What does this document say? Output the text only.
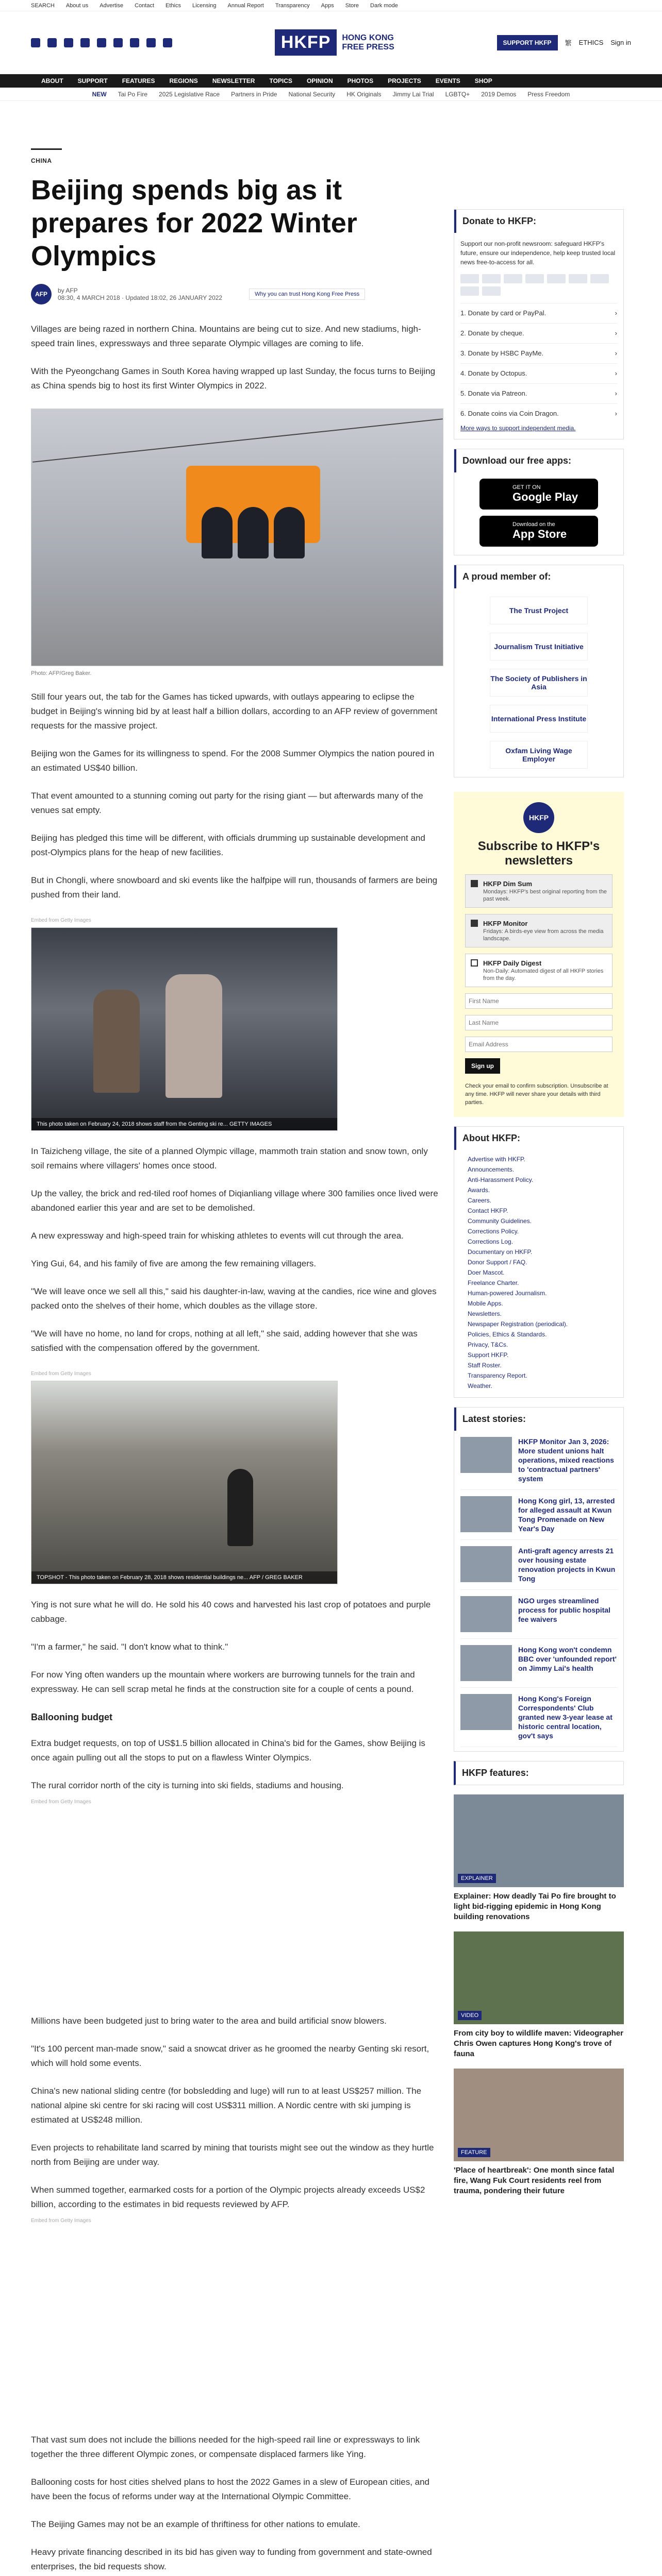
SEARCH About us Advertise Contact Ethics Licensing Annual Report Transparency Apps Store Dark mode
HKFP	HONG KONG
FREE PRESS	SUPPORT HKFP	繁 ETHICS Sign in
ABOUT SUPPORT FEATURES REGIONS NEWSLETTER TOPICS OPINION PHOTOS PROJECTS EVENTS SHOP
NEW Tai Po Fire 2025 Legislative Race Partners in Pride National Security HK Originals Jimmy Lai Trial LGBTQ+ 2019 Demos Press Freedom
CHINA
Beijing spends big as it prepares for 2022 Winter Olympics
AFP	by AFP
08:30, 4 MARCH 2018 · Updated 18:02, 26 JANUARY 2022	Why you can trust Hong Kong Free Press

Villages are being razed in northern China. Mountains are being cut to size. And new stadiums, high-speed train lines, expressways and three separate Olympic villages are coming to life.

With the Pyeongchang Games in South Korea having wrapped up last Sunday, the focus turns to Beijing as China spends big to host its first Winter Olympics in 2022.

Photo: AFP/Greg Baker.

Still four years out, the tab for the Games has ticked upwards, with outlays appearing to eclipse the budget in Beijing's winning bid by at least half a billion dollars, according to an AFP review of government requests for the massive project.

Beijing won the Games for its willingness to spend. For the 2008 Summer Olympics the nation poured in an estimated US$40 billion.

That event amounted to a stunning coming out party for the rising giant — but afterwards many of the venues sat empty.

Beijing has pledged this time will be different, with officials drumming up sustainable development and post-Olympics plans for the heap of new facilities.

But in Chongli, where snowboard and ski events like the halfpipe will run, thousands of farmers are being pushed from their land.

Embed from Getty Images
This photo taken on February 24, 2018 shows staff from the Genting ski re... GETTY IMAGES

In Taizicheng village, the site of a planned Olympic village, mammoth train station and snow town, only soil remains where villagers' homes once stood.

Up the valley, the brick and red-tiled roof homes of Diqianliang village where 300 families once lived were abandoned earlier this year and are set to be demolished.

A new expressway and high-speed train for whisking athletes to events will cut through the area.

Ying Gui, 64, and his family of five are among the few remaining villagers.

"We will leave once we sell all this," said his daughter-in-law, waving at the candies, rice wine and gloves packed onto the shelves of their home, which doubles as the village store.

"We will have no home, no land for crops, nothing at all left," she said, adding however that she was satisfied with the compensation offered by the government.

Embed from Getty Images
TOPSHOT - This photo taken on February 28, 2018 shows residential buildings ne... AFP / GREG BAKER

Ying is not sure what he will do. He sold his 40 cows and harvested his last crop of potatoes and purple cabbage.

"I'm a farmer," he said. "I don't know what to think."

For now Ying often wanders up the mountain where workers are burrowing tunnels for the train and expressway. He can sell scrap metal he finds at the construction site for a couple of cents a pound.

Ballooning budget

Extra budget requests, on top of US$1.5 billion allocated in China's bid for the Games, show Beijing is once again pulling out all the stops to put on a flawless Winter Olympics.

The rural corridor north of the city is turning into ski fields, stadiums and housing.

Embed from Getty Images

Millions have been budgeted just to bring water to the area and build artificial snow blowers.

"It's 100 percent man-made snow," said a snowcat driver as he groomed the nearby Genting ski resort, which will hold some events.

China's new national sliding centre (for bobsledding and luge) will run to at least US$257 million. The national alpine ski centre for ski racing will cost US$311 million. A Nordic centre with ski jumping is estimated at US$248 million.

Even projects to rehabilitate land scarred by mining that tourists might see out the window as they hurtle north from Beijing are under way.

When summed together, earmarked costs for a portion of the Olympic projects already exceeds US$2 billion, according to the estimates in bid requests reviewed by AFP.

Embed from Getty Images

That vast sum does not include the billions needed for the high-speed rail line or expressways to link together the three different Olympic zones, or compensate displaced farmers like Ying.

Ballooning costs for host cities shelved plans to host the 2022 Games in a slew of European cities, and have been the focus of reforms under way at the International Olympic Committee.

The Beijing Games may not be an example of thriftiness for other nations to emulate.

Heavy private financing described in its bid has given way to funding from government and state-owned enterprises, the bid requests show.

Donate to HKFP:
Support our non-profit newsroom: safeguard HKFP's future, ensure our independence, help keep trusted local news free-to-access for all.
1. Donate by card or PayPal.	›
2. Donate by cheque.	›
3. Donate by HSBC PayMe.	›
4. Donate by Octopus.	›
5. Donate via Patreon.	›
6. Donate coins via Coin Dragon.	›
More ways to support independent media.
Download our free apps:
GET IT ON
Google Play
Download on the
App Store
A proud member of:
The Trust Project
Journalism Trust Initiative
The Society of Publishers in Asia
International Press Institute
Oxfam Living Wage Employer
HKFP
Subscribe to HKFP's newsletters
HKFP Dim Sum
Mondays: HKFP's best original reporting from the past week.
HKFP Monitor
Fridays: A birds-eye view from across the media landscape.
HKFP Daily Digest
Non-Daily: Automated digest of all HKFP stories from the day.
First Name Last Name Email Address Sign up
Check your email to confirm subscription. Unsubscribe at any time. HKFP will never share your details with third parties.
About HKFP:
Advertise with HKFP.
Announcements.
Anti-Harassment Policy.
Awards.
Careers.
Contact HKFP.
Community Guidelines.
Corrections Policy.
Corrections Log.
Documentary on HKFP.
Donor Support / FAQ.
Doer Mascot.
Freelance Charter.
Human-powered Journalism.
Mobile Apps.
Newsletters.
Newspaper Registration (periodical).
Policies, Ethics & Standards.
Privacy, T&Cs.
Support HKFP.
Staff Roster.
Transparency Report.
Weather.
Latest stories:
HKFP Monitor Jan 3, 2026: More student unions halt operations, mixed reactions to 'contractual partners' system
Hong Kong girl, 13, arrested for alleged assault at Kwun Tong Promenade on New Year's Day
Anti-graft agency arrests 21 over housing estate renovation projects in Kwun Tong
NGO urges streamlined process for public hospital fee waivers
Hong Kong won't condemn BBC over 'unfounded report' on Jimmy Lai's health
Hong Kong's Foreign Correspondents' Club granted new 3-year lease at historic central location, gov't says
HKFP features:
EXPLAINER
Explainer: How deadly Tai Po fire brought to light bid-rigging epidemic in Hong Kong building renovations
VIDEO
From city boy to wildlife maven: Videographer Chris Owen captures Hong Kong's trove of fauna
FEATURE
'Place of heartbreak': One month since fatal fire, Wang Fuk Court residents reel from trauma, pondering their future
